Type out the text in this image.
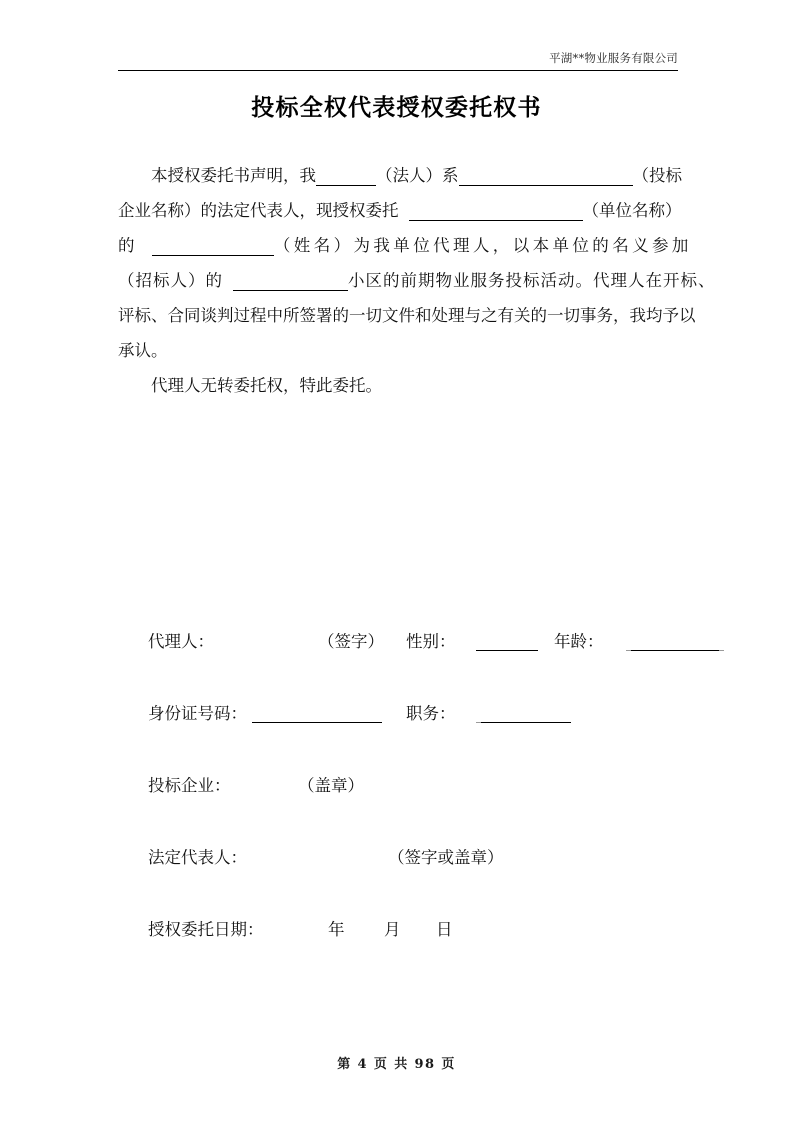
平湖**物业服务有限公司
投标全权代表授权委托权书
本授权委托书声明，我	（法人）系	（投标
企业名称）的法定代表人，现授权委托	（单位名称）
的	（姓名）为我单位代理人，以本单位的名义参加
（招标人）的	小区的前期物业服务投标活动。代理人在开标、
评标、合同谈判过程中所签署的一切文件和处理与之有关的一切事务，我均予以
承认。
代理人无转委托权，特此委托。
代理人：	（签字） 性别：	年龄：
身份证号码：	职务：
投标企业：	（盖章）
法定代表人：	（签字或盖章）
授权委托日期：	年 月 日
第 4 页 共 98 页
